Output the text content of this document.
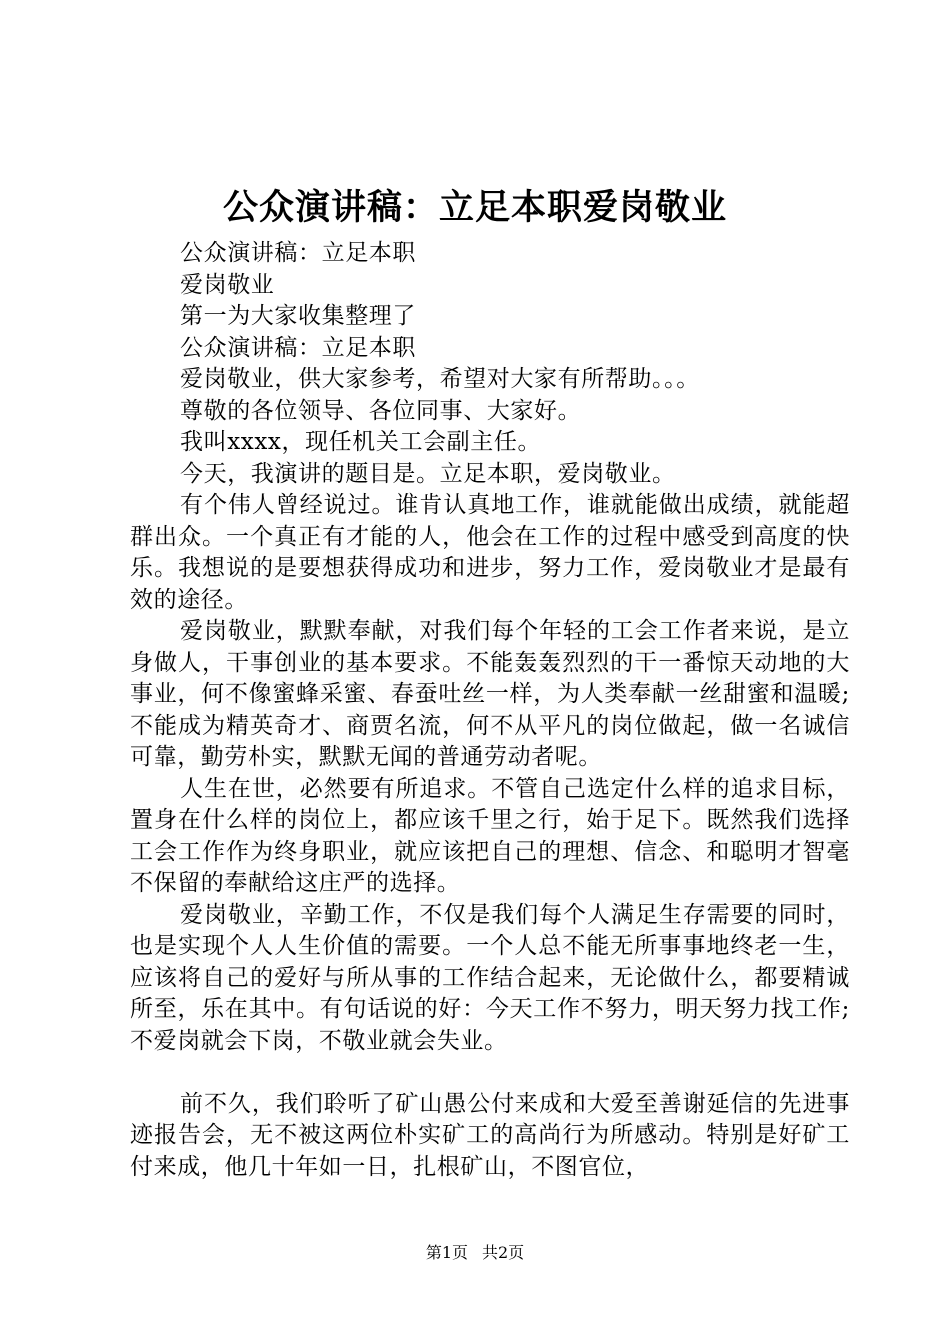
公众演讲稿：立足本职爱岗敬业

公众演讲稿：立足本职

爱岗敬业

第一为大家收集整理了

公众演讲稿：立足本职

爱岗敬业，供大家参考，希望对大家有所帮助。。。

尊敬的各位领导、各位同事、大家好。

我叫xxxx，现任机关工会副主任。

今天，我演讲的题目是。立足本职，爱岗敬业。

有个伟人曾经说过。谁肯认真地工作，谁就能做出成绩，就能超群出众。一个真正有才能的人，他会在工作的过程中感受到高度的快乐。我想说的是要想获得成功和进步，努力工作，爱岗敬业才是最有效的途径。

爱岗敬业，默默奉献，对我们每个年轻的工会工作者来说，是立身做人，干事创业的基本要求。不能轰轰烈烈的干一番惊天动地的大事业，何不像蜜蜂采蜜、春蚕吐丝一样，为人类奉献一丝甜蜜和温暖;不能成为精英奇才、商贾名流，何不从平凡的岗位做起，做一名诚信可靠，勤劳朴实，默默无闻的普通劳动者呢。

人生在世，必然要有所追求。不管自己选定什么样的追求目标，置身在什么样的岗位上，都应该千里之行，始于足下。既然我们选择工会工作作为终身职业，就应该把自己的理想、信念、和聪明才智毫不保留的奉献给这庄严的选择。

爱岗敬业，辛勤工作，不仅是我们每个人满足生存需要的同时，也是实现个人人生价值的需要。一个人总不能无所事事地终老一生，应该将自己的爱好与所从事的工作结合起来，无论做什么，都要精诚所至，乐在其中。有句话说的好：今天工作不努力，明天努力找工作;不爱岗就会下岗，不敬业就会失业。

前不久，我们聆听了矿山愚公付来成和大爱至善谢延信的先进事迹报告会，无不被这两位朴实矿工的高尚行为所感动。特别是好矿工付来成，他几十年如一日，扎根矿山，不图官位，

第1页 共2页
